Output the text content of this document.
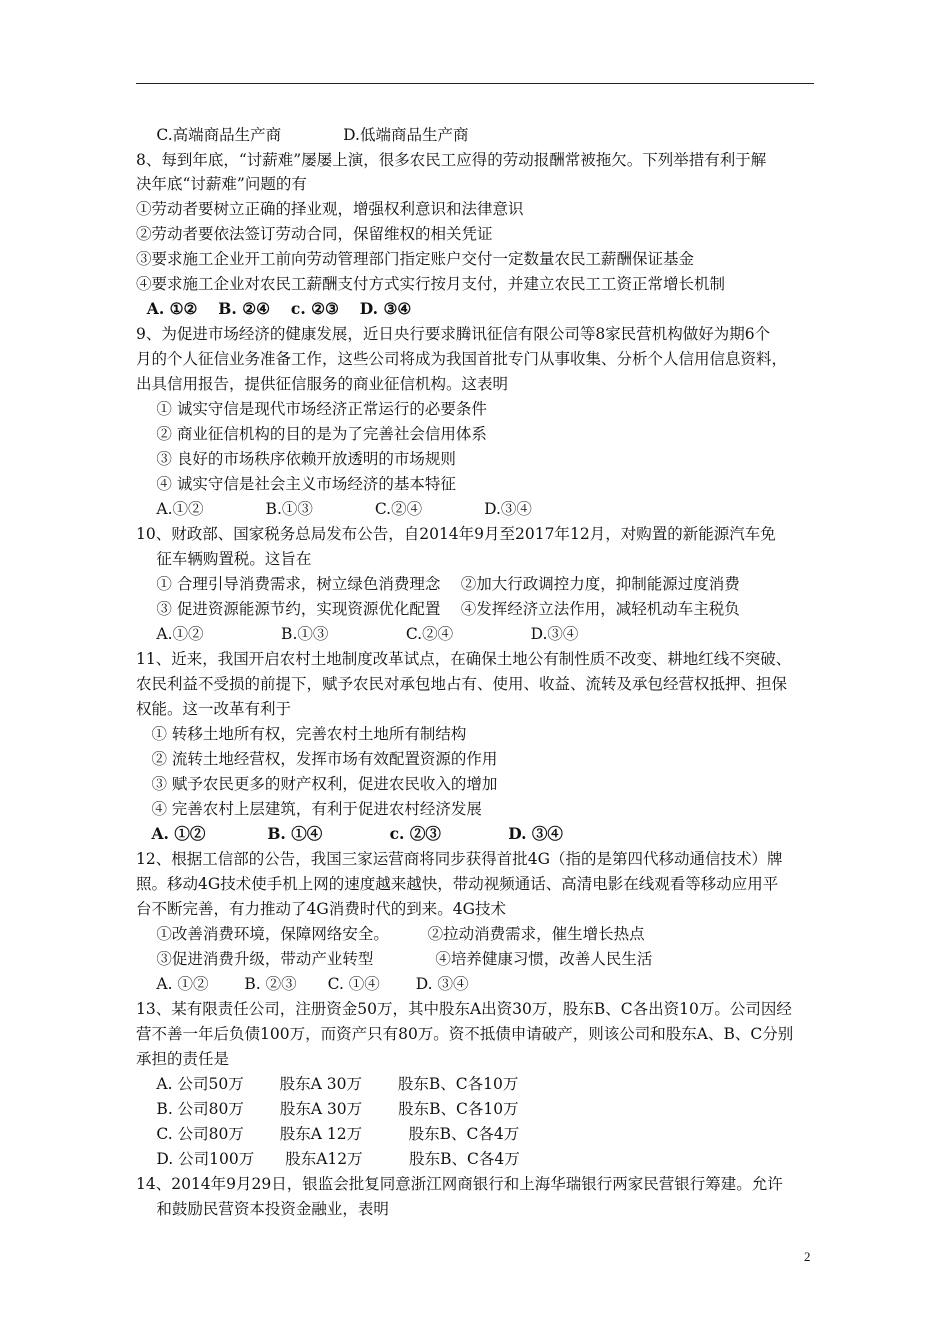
　 C.高端商品生产商　　　　D.低端商品生产商
8、每到年底，“讨薪难”屡屡上演，很多农民工应得的劳动报酬常被拖欠。下列举措有利于解
决年底“讨薪难”问题的有
①劳动者要树立正确的择业观，增强权利意识和法律意识
②劳动者要依法签订劳动合同，保留维权的相关凭证
③要求施工企业开工前向劳动管理部门指定账户交付一定数量农民工薪酬保证基金
④要求施工企业对农民工薪酬支付方式实行按月支付，并建立农民工工资正常增长机制
A. ①②　 B. ②④　 c. ②③　 D. ③④
9、为促进市场经济的健康发展，近日央行要求腾讯征信有限公司等8家民营机构做好为期6个
月的个人征信业务准备工作，这些公司将成为我国首批专门从事收集、分析个人信用信息资料，
出具信用报告，提供征信服务的商业征信机构。这表明
　 ① 诚实守信是现代市场经济正常运行的必要条件
　 ② 商业征信机构的目的是为了完善社会信用体系
　 ③ 良好的市场秩序依赖开放透明的市场规则
　 ④ 诚实守信是社会主义市场经济的基本特征
　 A.①②　　　　B.①③　　　　C.②④　　　　D.③④
10、财政部、国家税务总局发布公告，自2014年9月至2017年12月，对购置的新能源汽车免
　 征车辆购置税。这旨在
　 ① 合理引导消费需求，树立绿色消费理念　 ②加大行政调控力度，抑制能源过度消费
　 ③ 促进资源能源节约，实现资源优化配置　 ④发挥经济立法作用，减轻机动车主税负
　 A.①②　　　　　B.①③　　　　　C.②④　　　　　D.③④
11、近来，我国开启农村土地制度改革试点，在确保土地公有制性质不改变、耕地红线不突破、
农民利益不受损的前提下，赋予农民对承包地占有、使用、收益、流转及承包经营权抵押、担保
权能。这一改革有利于
　① 转移土地所有权，完善农村土地所有制结构
　② 流转土地经营权，发挥市场有效配置资源的作用
　③ 赋予农民更多的财产权利，促进农民收入的增加
　④ 完善农村上层建筑，有利于促进农村经济发展
　A. ①②　　　　B. ①④　　　　 c. ②③　　　　 D. ③④
12、根据工信部的公告，我国三家运营商将同步获得首批4G（指的是第四代移动通信技术）牌
照。移动4G技术使手机上网的速度越来越快，带动视频通话、高清电影在线观看等移动应用平
台不断完善，有力推动了4G消费时代的到来。4G技术
　 ①改善消费环境，保障网络安全。　　　②拉动消费需求，催生增长热点
　 ③促进消费升级，带动产业转型　　　　④培养健康习惯，改善人民生活
　 A. ①②　　 B. ②③　　C. ①④　　 D. ③④
13、某有限责任公司，注册资金50万，其中股东A出资30万，股东B、C各出资10万。公司因经
营不善一年后负债100万，而资产只有80万。资不抵债申请破产，则该公司和股东A、B、C分别
承担的责任是
　 A. 公司50万　　 股东A 30万　　 股东B、C各10万
　 B. 公司80万　　 股东A 30万　　 股东B、C各10万
　 C. 公司80万　　 股东A 12万　　　股东B、C各4万
　 D. 公司100万　　股东A12万　　　股东B、C各4万
14、2014年9月29日，银监会批复同意浙江网商银行和上海华瑞银行两家民营银行筹建。允许
　 和鼓励民营资本投资金融业，表明
2
